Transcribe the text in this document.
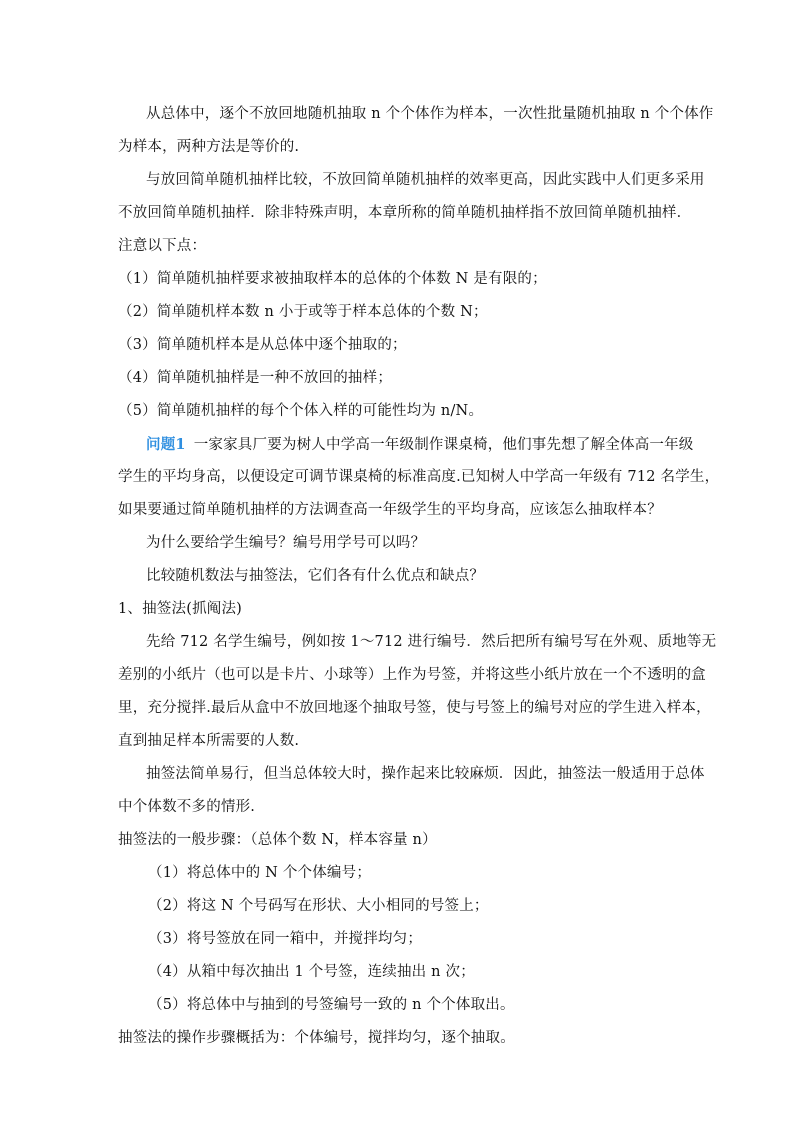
从总体中，逐个不放回地随机抽取 n 个个体作为样本，一次性批量随机抽取 n 个个体作
为样本，两种方法是等价的.
与放回简单随机抽样比较，不放回简单随机抽样的效率更高，因此实践中人们更多采用
不放回简单随机抽样．除非特殊声明，本章所称的简单随机抽样指不放回简单随机抽样．
注意以下点：
（1）简单随机抽样要求被抽取样本的总体的个体数 N 是有限的；
（2）简单随机样本数 n 小于或等于样本总体的个数 N；
（3）简单随机样本是从总体中逐个抽取的；
（4）简单随机抽样是一种不放回的抽样；
（5）简单随机抽样的每个个体入样的可能性均为 n/N。
问题1 一家家具厂要为树人中学高一年级制作课桌椅，他们事先想了解全体高一年级
学生的平均身高，以便设定可调节课桌椅的标准高度.已知树人中学高一年级有 712 名学生，
如果要通过简单随机抽样的方法调查高一年级学生的平均身高，应该怎么抽取样本？
为什么要给学生编号？编号用学号可以吗？
比较随机数法与抽签法，它们各有什么优点和缺点？
1、抽签法(抓阄法)
先给 712 名学生编号，例如按 1～712 进行编号．然后把所有编号写在外观、质地等无
差别的小纸片（也可以是卡片、小球等）上作为号签，并将这些小纸片放在一个不透明的盒
里，充分搅拌.最后从盒中不放回地逐个抽取号签，使与号签上的编号对应的学生进入样本，
直到抽足样本所需要的人数.
抽签法简单易行，但当总体较大时，操作起来比较麻烦．因此，抽签法一般适用于总体
中个体数不多的情形.
抽签法的一般步骤：（总体个数 N，样本容量 n）
（1）将总体中的 N 个个体编号；
（2）将这 N 个号码写在形状、大小相同的号签上；
（3）将号签放在同一箱中，并搅拌均匀；
（4）从箱中每次抽出 1 个号签，连续抽出 n 次；
（5）将总体中与抽到的号签编号一致的 n 个个体取出。
抽签法的操作步骤概括为：个体编号，搅拌均匀，逐个抽取。
